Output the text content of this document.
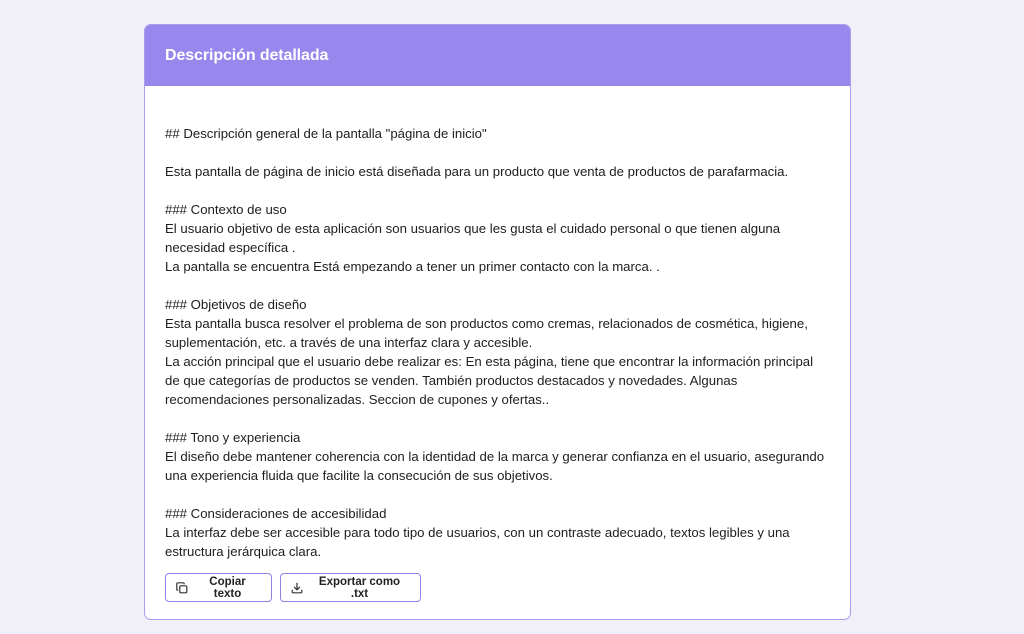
Descripción detallada

## Descripción general de la pantalla "página de inicio"

Esta pantalla de página de inicio está diseñada para un producto que venta de productos de parafarmacia.

### Contexto de uso
El usuario objetivo de esta aplicación son usuarios que les gusta el cuidado personal o que tienen alguna
necesidad específica .
La pantalla se encuentra Está empezando a tener un primer contacto con la marca. .

### Objetivos de diseño
Esta pantalla busca resolver el problema de son productos como cremas, relacionados de cosmética, higiene,
suplementación, etc. a través de una interfaz clara y accesible.
La acción principal que el usuario debe realizar es: En esta página, tiene que encontrar la información principal
de que categorías de productos se venden. También productos destacados y novedades. Algunas
recomendaciones personalizadas. Seccion de cupones y ofertas..

### Tono y experiencia
El diseño debe mantener coherencia con la identidad de la marca y generar confianza en el usuario, asegurando
una experiencia fluida que facilite la consecución de sus objetivos.

### Consideraciones de accesibilidad
La interfaz debe ser accesible para todo tipo de usuarios, con un contraste adecuado, textos legibles y una
estructura jerárquica clara.

Copiar texto
Exportar como .txt
